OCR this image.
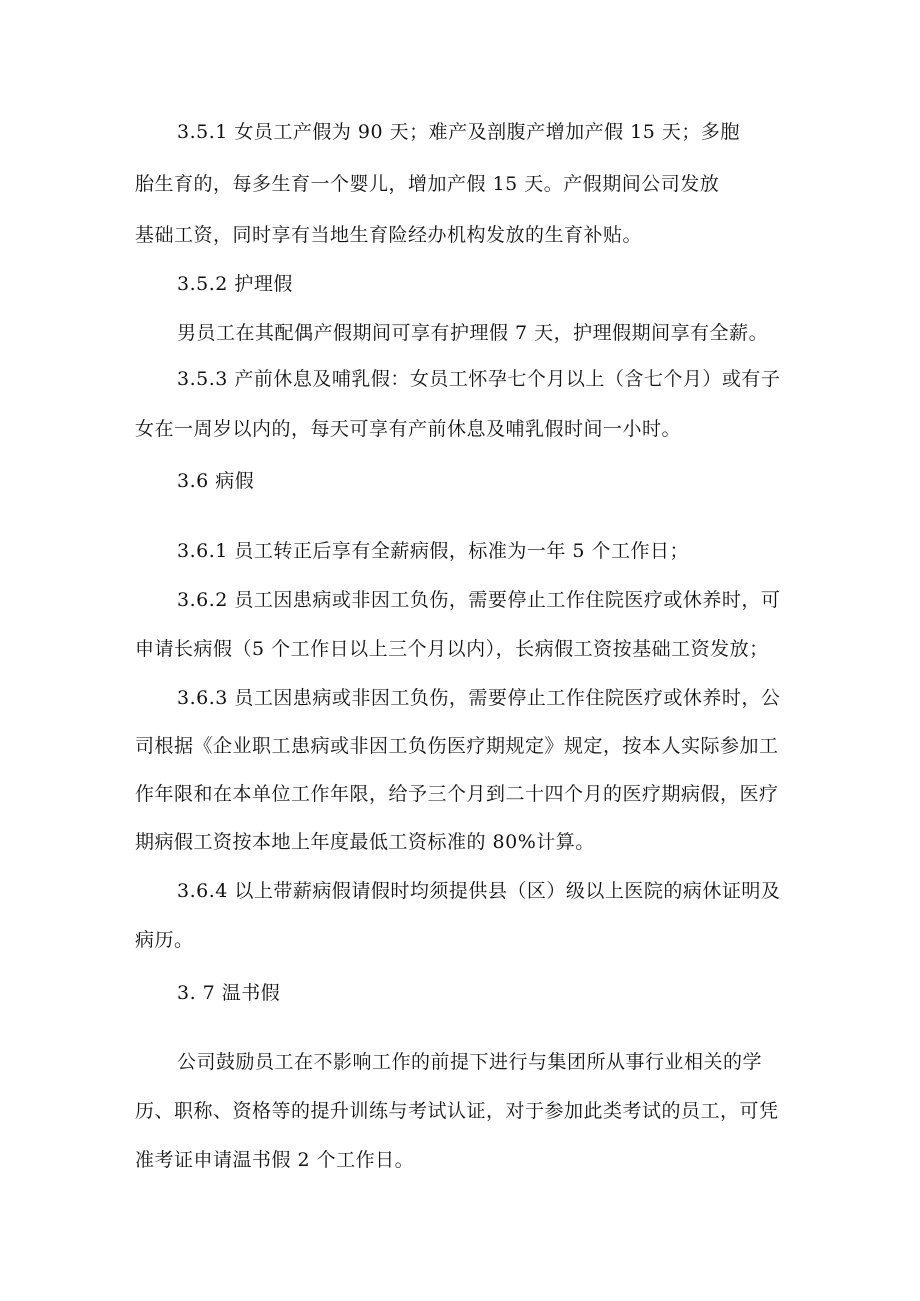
3.5.1 女员工产假为 90 天；难产及剖腹产增加产假 15 天；多胞
胎生育的，每多生育一个婴儿，增加产假 15 天。产假期间公司发放
基础工资，同时享有当地生育险经办机构发放的生育补贴。
3.5.2 护理假
男员工在其配偶产假期间可享有护理假 7 天，护理假期间享有全薪。
3.5.3 产前休息及哺乳假：女员工怀孕七个月以上（含七个月）或有子
女在一周岁以内的，每天可享有产前休息及哺乳假时间一小时。
3.6 病假
3.6.1 员工转正后享有全薪病假，标准为一年 5 个工作日；
3.6.2 员工因患病或非因工负伤，需要停止工作住院医疗或休养时，可
申请长病假（5 个工作日以上三个月以内），长病假工资按基础工资发放；
3.6.3 员工因患病或非因工负伤，需要停止工作住院医疗或休养时，公
司根据《企业职工患病或非因工负伤医疗期规定》规定，按本人实际参加工
作年限和在本单位工作年限，给予三个月到二十四个月的医疗期病假，医疗
期病假工资按本地上年度最低工资标准的 80%计算。
3.6.4 以上带薪病假请假时均须提供县（区）级以上医院的病休证明及
病历。
3. 7 温书假
公司鼓励员工在不影响工作的前提下进行与集团所从事行业相关的学
历、职称、资格等的提升训练与考试认证，对于参加此类考试的员工，可凭
准考证申请温书假 2 个工作日。
